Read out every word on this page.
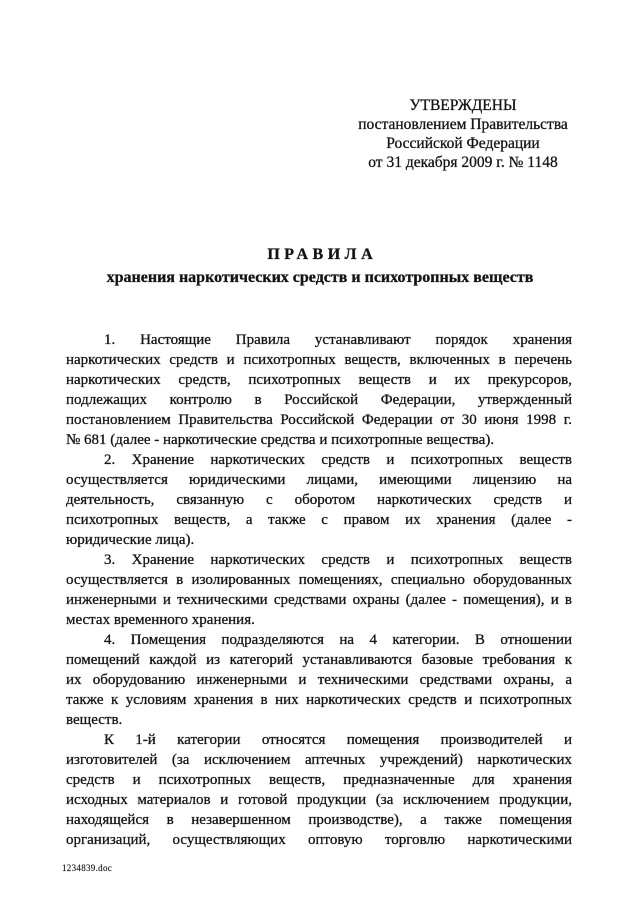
УТВЕРЖДЕНЫ
постановлением Правительства
Российской Федерации
от 31 декабря 2009 г. № 1148
ПРАВИЛА
хранения наркотических средств и психотропных веществ
1. Настоящие Правила устанавливают порядок хранения
наркотических средств и психотропных веществ, включенных в перечень
наркотических средств, психотропных веществ и их прекурсоров,
подлежащих контролю в Российской Федерации, утвержденный
постановлением Правительства Российской Федерации от 30 июня 1998 г.
№ 681 (далее - наркотические средства и психотропные вещества).
2. Хранение наркотических средств и психотропных веществ
осуществляется юридическими лицами, имеющими лицензию на
деятельность, связанную с оборотом наркотических средств и
психотропных веществ, а также с правом их хранения (далее -
юридические лица).
3. Хранение наркотических средств и психотропных веществ
осуществляется в изолированных помещениях, специально оборудованных
инженерными и техническими средствами охраны (далее - помещения), и в
местах временного хранения.
4. Помещения подразделяются на 4 категории. В отношении
помещений каждой из категорий устанавливаются базовые требования к
их оборудованию инженерными и техническими средствами охраны, а
также к условиям хранения в них наркотических средств и психотропных
веществ.
К 1-й категории относятся помещения производителей и
изготовителей (за исключением аптечных учреждений) наркотических
средств и психотропных веществ, предназначенные для хранения
исходных материалов и готовой продукции (за исключением продукции,
находящейся в незавершенном производстве), а также помещения
организаций, осуществляющих оптовую торговлю наркотическими
1234839.doc
